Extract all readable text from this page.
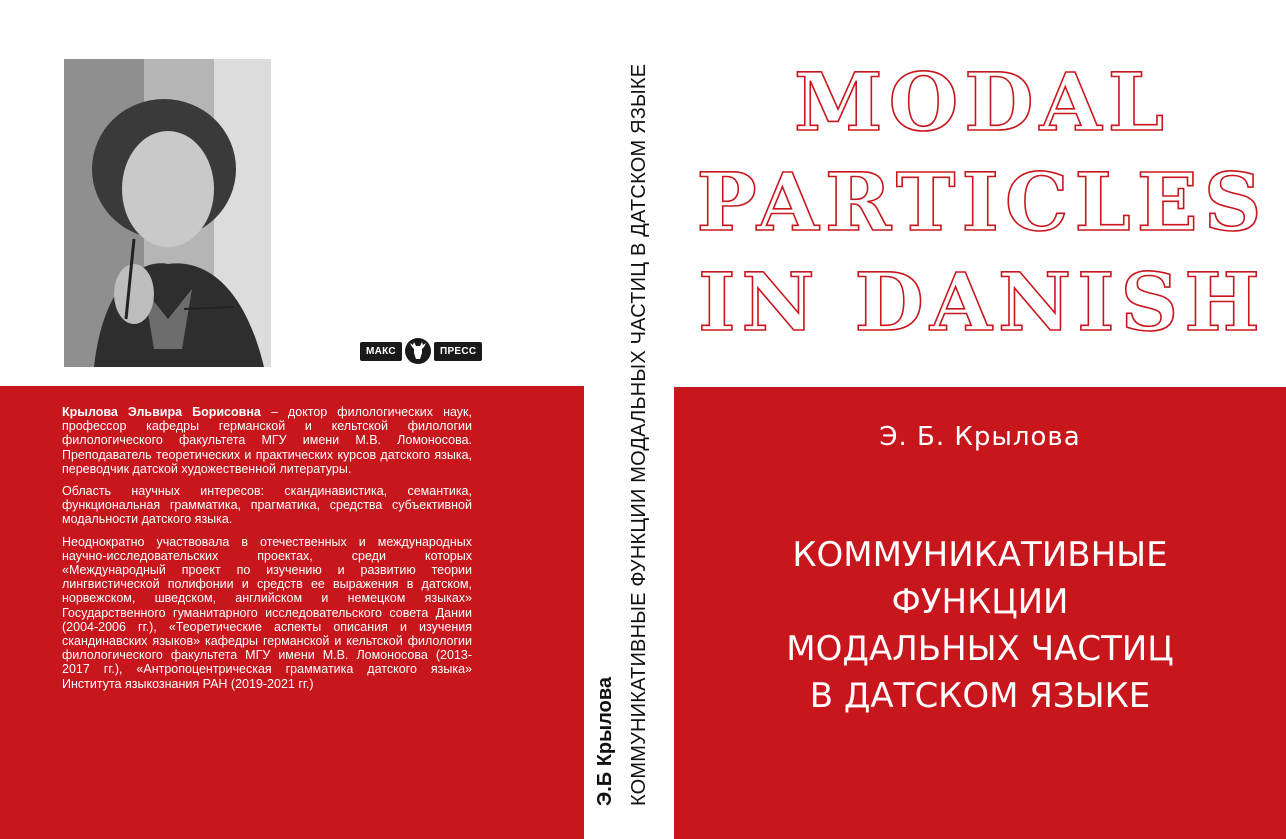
МАКС	ПРЕСС

Крылова Эльвира Борисовна – доктор филологических наук, профессор кафедры германской и кельтской филологии филологического факультета МГУ имени М.В. Ломоносова. Преподаватель теоретических и практических курсов датского языка, переводчик датской художественной литературы.

Область научных интересов: скандинавистика, семантика, функциональная грамматика, прагматика, средства субъективной модальности датского языка.

Неоднократно участвовала в отечественных и международных научно-исследовательских проектах, среди которых «Международный проект по изучению и развитию теории лингвистической полифонии и средств ее выражения в датском, норвежском, шведском, английском и немецком языках» Государственного гуманитарного исследовательского совета Дании (2004-2006 гг.), «Теоретические аспекты описания и изучения скандинавских языков» кафедры германской и кельтской филологии филологического факультета МГУ имени М.В. Ломоносова (2013-2017 гг.), «Антропоцентрическая грамматика датского языка» Института языкознания РАН (2019-2021 гг.)	Э.Б Крылова КОММУНИКАТИВНЫЕ ФУНКЦИИ МОДАЛЬНЫХ ЧАСТИЦ В ДАТСКОМ ЯЗЫКЕ	MODAL
PARTICLES
IN DANISH
Э. Б. Крылова
КОММУНИКАТИВНЫЕ
ФУНКЦИИ
МОДАЛЬНЫХ ЧАСТИЦ
В ДАТСКОМ ЯЗЫКЕ
